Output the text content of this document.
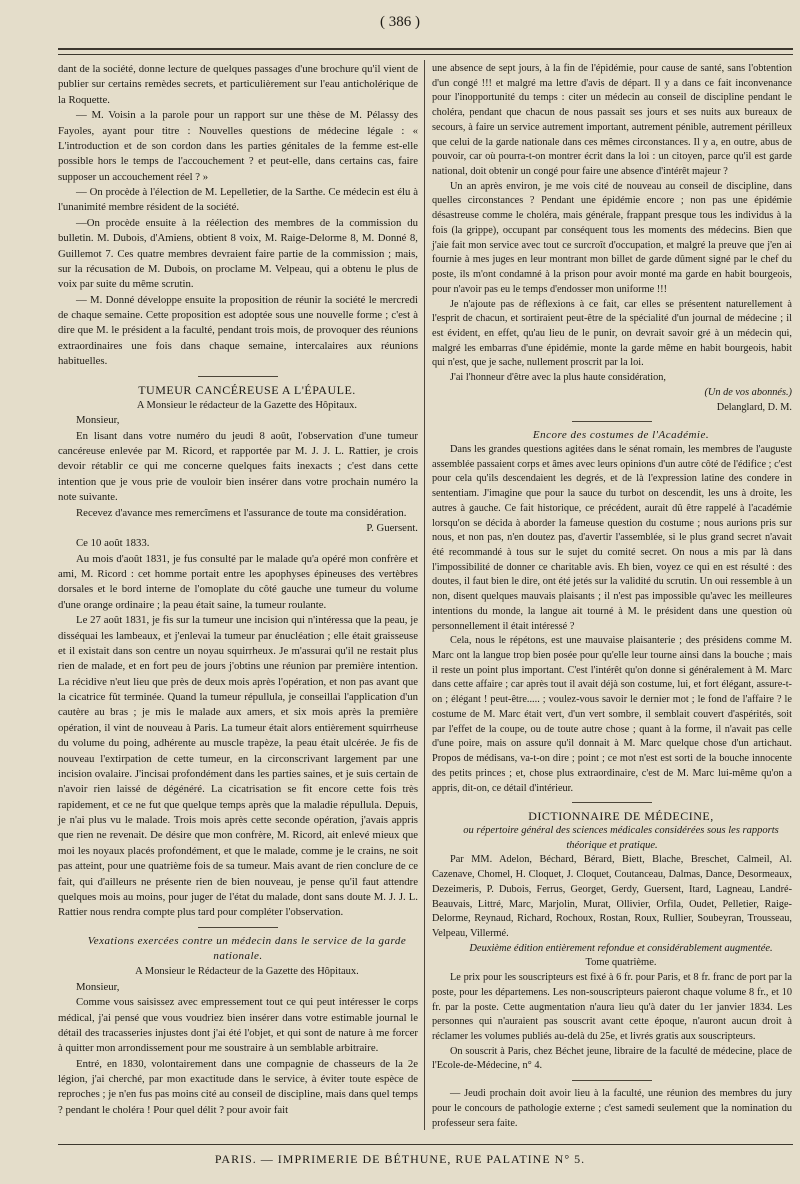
( 386 )

dant de la société, donne lecture de quelques passages d'une brochure qu'il vient de publier sur certains remèdes secrets, et particulièrement sur l'eau anticholérique de la Roquette.

— M. Voisin a la parole pour un rapport sur une thèse de M. Pélassy des Fayoles, ayant pour titre : Nouvelles questions de médecine légale : « L'introduction et de son cordon dans les parties génitales de la femme est-elle possible hors le temps de l'accouchement ? et peut-elle, dans certains cas, faire supposer un accouchement réel ? »

— On procède à l'élection de M. Lepelletier, de la Sarthe. Ce médecin est élu à l'unanimité membre résident de la société.

—On procède ensuite à la réélection des membres de la commission du bulletin. M. Dubois, d'Amiens, obtient 8 voix, M. Raige-Delorme 8, M. Donné 8, Guillemot 7. Ces quatre membres devraient faire partie de la commission ; mais, sur la récusation de M. Dubois, on proclame M. Velpeau, qui a obtenu le plus de voix par suite du même scrutin.

— M. Donné développe ensuite la proposition de réunir la société le mercredi de chaque semaine. Cette proposition est adoptée sous une nouvelle forme ; c'est à dire que M. le président a la faculté, pendant trois mois, de provoquer des réunions extraordinaires une fois dans chaque semaine, intercalaires aux réunions habituelles.

TUMEUR CANCÉREUSE A L'ÉPAULE.

A Monsieur le rédacteur de la Gazette des Hôpitaux.

Monsieur,

En lisant dans votre numéro du jeudi 8 août, l'observation d'une tumeur cancéreuse enlevée par M. Ricord, et rapportée par M. J. J. L. Rattier, je crois devoir rétablir ce qui me concerne quelques faits inexacts ; c'est dans cette intention que je vous prie de vouloir bien insérer dans votre prochain numéro la note suivante.

Recevez d'avance mes remercîmens et l'assurance de toute ma considération.

P. Guersent.

Ce 10 août 1833.

Au mois d'août 1831, je fus consulté par le malade qu'a opéré mon confrère et ami, M. Ricord : cet homme portait entre les apophyses épineuses des vertèbres dorsales et le bord interne de l'omoplate du côté gauche une tumeur du volume d'une orange ordinaire ; la peau était saine, la tumeur roulante.

Le 27 août 1831, je fis sur la tumeur une incision qui n'intéressa que la peau, je disséquai les lambeaux, et j'enlevai la tumeur par énucléation ; elle était graisseuse et il existait dans son centre un noyau squirrheux. Je m'assurai qu'il ne restait plus rien de malade, et en fort peu de jours j'obtins une réunion par première intention. La récidive n'eut lieu que près de deux mois après l'opération, et non pas avant que la cicatrice fût terminée. Quand la tumeur répullula, je conseillai l'application d'un cautère au bras ; je mis le malade aux amers, et six mois après la première opération, il vint de nouveau à Paris. La tumeur était alors entièrement squirrheuse du volume du poing, adhérente au muscle trapèze, la peau était ulcérée. Je fis de nouveau l'extirpation de cette tumeur, en la circonscrivant largement par une incision ovalaire. J'incisai profondément dans les parties saines, et je suis certain de n'avoir rien laissé de dégénéré. La cicatrisation se fit encore cette fois très rapidement, et ce ne fut que quelque temps après que la maladie répullula. Depuis, je n'ai plus vu le malade. Trois mois après cette seconde opération, j'avais appris que rien ne revenait. De désire que mon confrère, M. Ricord, ait enlevé mieux que moi les noyaux placés profondément, et que le malade, comme je le crains, ne soit pas atteint, pour une quatrième fois de sa tumeur. Mais avant de rien conclure de ce fait, qui d'ailleurs ne présente rien de bien nouveau, je pense qu'il faut attendre quelques mois au moins, pour juger de l'état du malade, dont sans doute M. J. J. L. Rattier nous rendra compte plus tard pour compléter l'observation.

Vexations exercées contre un médecin dans le service de la garde nationale.

A Monsieur le Rédacteur de la Gazette des Hôpitaux.

Monsieur,

Comme vous saisissez avec empressement tout ce qui peut intéresser le corps médical, j'ai pensé que vous voudriez bien insérer dans votre estimable journal le détail des tracasseries injustes dont j'ai été l'objet, et qui sont de nature à me forcer à quitter mon arrondissement pour me soustraire à un semblable arbitraire.

Entré, en 1830, volontairement dans une compagnie de chasseurs de la 2e légion, j'ai cherché, par mon exactitude dans le service, à éviter toute espèce de reproches ; je n'en fus pas moins cité au conseil de discipline, mais dans quel temps ? pendant le choléra ! Pour quel délit ? pour avoir fait

une absence de sept jours, à la fin de l'épidémie, pour cause de santé, sans l'obtention d'un congé !!! et malgré ma lettre d'avis de départ. Il y a dans ce fait inconvenance pour l'inopportunité du temps : citer un médecin au conseil de discipline pendant le choléra, pendant que chacun de nous passait ses jours et ses nuits aux bureaux de secours, à faire un service autrement important, autrement pénible, autrement périlleux que celui de la garde nationale dans ces mêmes circonstances. Il y a, en outre, abus de pouvoir, car où pourra-t-on montrer écrit dans la loi : un citoyen, parce qu'il est garde national, doit obtenir un congé pour faire une absence d'intérêt majeur ?

Un an après environ, je me vois cité de nouveau au conseil de discipline, dans quelles circonstances ? Pendant une épidémie encore ; non pas une épidémie désastreuse comme le choléra, mais générale, frappant presque tous les individus à la fois (la grippe), occupant par conséquent tous les moments des médecins. Bien que j'aie fait mon service avec tout ce surcroît d'occupation, et malgré la preuve que j'en ai fournie à mes juges en leur montrant mon billet de garde dûment signé par le chef du poste, ils m'ont condamné à la prison pour avoir monté ma garde en habit bourgeois, pour n'avoir pas eu le temps d'endosser mon uniforme !!!

Je n'ajoute pas de réflexions à ce fait, car elles se présentent naturellement à l'esprit de chacun, et sortiraient peut-être de la spécialité d'un journal de médecine ; il est évident, en effet, qu'au lieu de le punir, on devrait savoir gré à un médecin qui, malgré les embarras d'une épidémie, monte la garde même en habit bourgeois, habit qui n'est, que je sache, nullement proscrit par la loi.

J'ai l'honneur d'être avec la plus haute considération,

(Un de vos abonnés.)

Delanglard, D. M.

Encore des costumes de l'Académie.

Dans les grandes questions agitées dans le sénat romain, les membres de l'auguste assemblée passaient corps et âmes avec leurs opinions d'un autre côté de l'édifice ; c'est pour cela qu'ils descendaient les degrés, et de là l'expression latine des condere in sententiam. J'imagine que pour la sauce du turbot on descendit, les uns à droite, les autres à gauche. Ce fait historique, ce précédent, aurait dû être rappelé à l'académie lorsqu'on se décida à aborder la fameuse question du costume ; nous aurions pris sur nous, et non pas, n'en doutez pas, d'avertir l'assemblée, si le plus grand secret n'avait été recommandé à tous sur le sujet du comité secret. On nous a mis par là dans l'impossibilité de donner ce charitable avis. Eh bien, voyez ce qui en est résulté : des doutes, il faut bien le dire, ont été jetés sur la validité du scrutin. Un oui ressemble à un non, disent quelques mauvais plaisants ; il n'est pas impossible qu'avec les meilleures intentions du monde, la langue ait tourné à M. le président dans une question où personnellement il était intéressé ?

Cela, nous le répétons, est une mauvaise plaisanterie ; des présidens comme M. Marc ont la langue trop bien posée pour qu'elle leur tourne ainsi dans la bouche ; mais il reste un point plus important. C'est l'intérêt qu'on donne si généralement à M. Marc dans cette affaire ; car après tout il avait déjà son costume, lui, et fort élégant, assure-t-on ; élégant ! peut-être..... ; voulez-vous savoir le dernier mot ; le fond de l'affaire ? le costume de M. Marc était vert, d'un vert sombre, il semblait couvert d'aspérités, soit par l'effet de la coupe, ou de toute autre chose ; quant à la forme, il n'avait pas celle d'une poire, mais on assure qu'il donnait à M. Marc quelque chose d'un artichaut. Propos de médisans, va-t-on dire ; point ; ce mot n'est est sorti de la bouche innocente des petits princes ; et, chose plus extraordinaire, c'est de M. Marc lui-même qu'on a appris, dit-on, ce détail d'intérieur.

DICTIONNAIRE DE MÉDECINE,

ou répertoire général des sciences médicales considérées sous les rapports théorique et pratique.

Par MM. Adelon, Béchard, Bérard, Biett, Blache, Breschet, Calmeil, Al. Cazenave, Chomel, H. Cloquet, J. Cloquet, Coutanceau, Dalmas, Dance, Desormeaux, Dezeimeris, P. Dubois, Ferrus, Georget, Gerdy, Guersent, Itard, Lagneau, Landré-Beauvais, Littré, Marc, Marjolin, Murat, Ollivier, Orfila, Oudet, Pelletier, Raige-Delorme, Reynaud, Richard, Rochoux, Rostan, Roux, Rullier, Soubeyran, Trousseau, Velpeau, Villermé.

Deuxième édition entièrement refondue et considérablement augmentée.

Tome quatrième.

Le prix pour les souscripteurs est fixé à 6 fr. pour Paris, et 8 fr. franc de port par la poste, pour les départemens. Les non-souscripteurs paieront chaque volume 8 fr., et 10 fr. par la poste. Cette augmentation n'aura lieu qu'à dater du 1er janvier 1834. Les personnes qui n'auraient pas souscrit avant cette époque, n'auront aucun droit à réclamer les volumes publiés au-delà du 25e, et livrés gratis aux souscripteurs.

On souscrit à Paris, chez Béchet jeune, libraire de la faculté de médecine, place de l'Ecole-de-Médecine, n° 4.

— Jeudi prochain doit avoir lieu à la faculté, une réunion des membres du jury pour le concours de pathologie externe ; c'est samedi seulement que la nomination du professeur sera faite.

PARIS. — IMPRIMERIE DE BÉTHUNE, RUE PALATINE N° 5.
